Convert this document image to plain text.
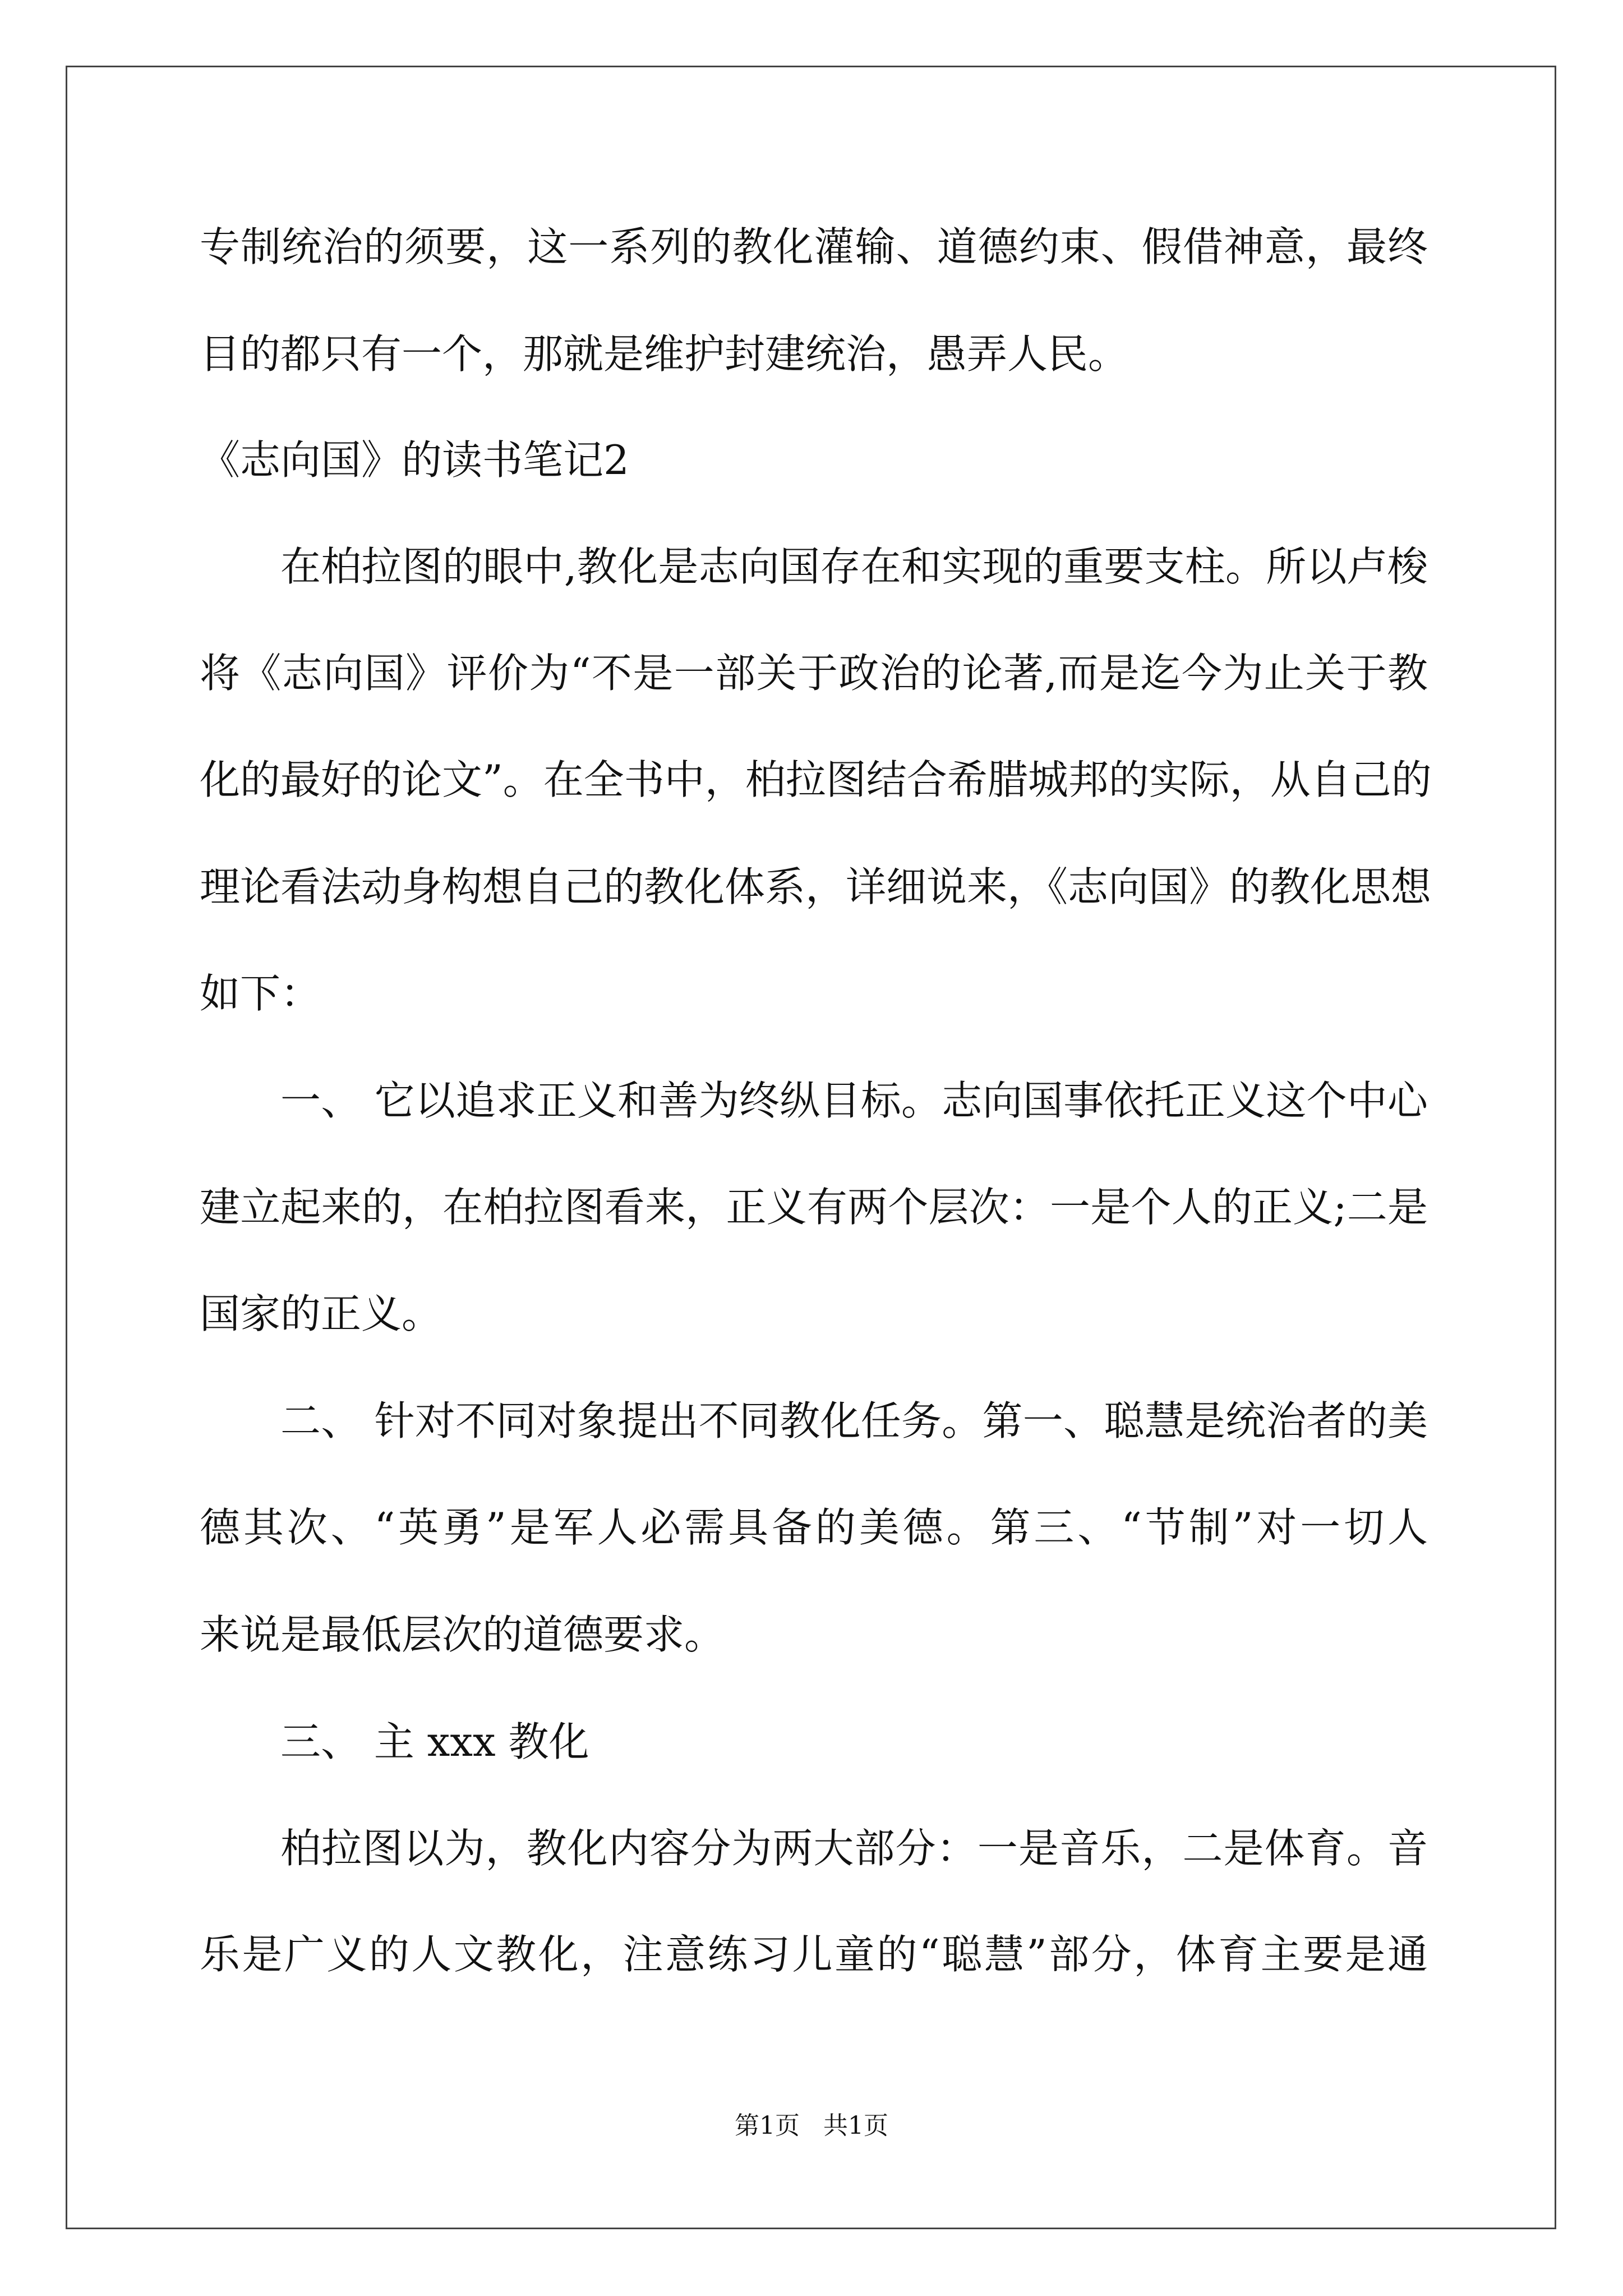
专制统治的须要，这一系列的教化灌输、道德约束、假借神意，最终
目的都只有一个，那就是维护封建统治，愚弄人民。
《志向国》的读书笔记2
在柏拉图的眼中,教化是志向国存在和实现的重要支柱。所以卢梭
将《志向国》评价为“不是一部关于政治的论著,而是迄今为止关于教
化的最好的论文”。在全书中，柏拉图结合希腊城邦的实际，从自己的
理论看法动身构想自己的教化体系，详细说来，《志向国》的教化思想
如下：
一、 它以追求正义和善为终纵目标。志向国事依托正义这个中心
建立起来的，在柏拉图看来，正义有两个层次：一是个人的正义;二是
国家的正义。
二、 针对不同对象提出不同教化任务。第一、聪慧是统治者的美
德其次、“英勇”是军人必需具备的美德。第三、“节制”对一切人
来说是最低层次的道德要求。
三、 主 xxx 教化
柏拉图以为，教化内容分为两大部分：一是音乐，二是体育。音
乐是广义的人文教化，注意练习儿童的“聪慧”部分，体育主要是通
第1页   共1页
